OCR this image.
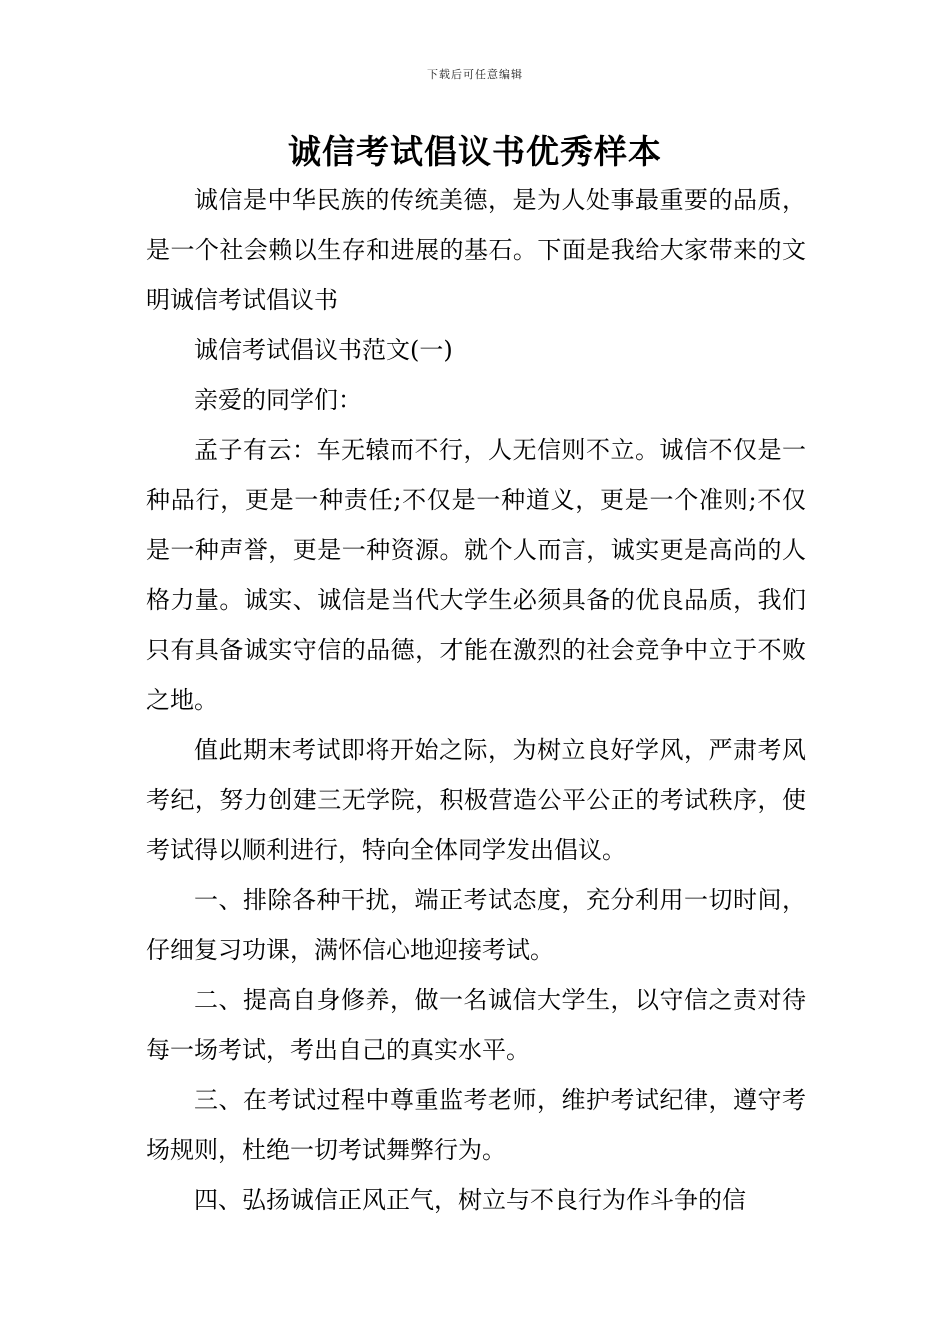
下载后可任意编辑
诚信考试倡议书优秀样本

诚信是中华民族的传统美德，是为人处事最重要的品质，是一个社会赖以生存和进展的基石。下面是我给大家带来的文明诚信考试倡议书

诚信考试倡议书范文(一)

亲爱的同学们：

孟子有云：车无辕而不行，人无信则不立。诚信不仅是一种品行，更是一种责任;不仅是一种道义，更是一个准则;不仅是一种声誉，更是一种资源。就个人而言，诚实更是高尚的人格力量。诚实、诚信是当代大学生必须具备的优良品质，我们只有具备诚实守信的品德，才能在激烈的社会竞争中立于不败之地。

值此期末考试即将开始之际，为树立良好学风，严肃考风考纪，努力创建三无学院，积极营造公平公正的考试秩序，使考试得以顺利进行，特向全体同学发出倡议。

一、排除各种干扰，端正考试态度，充分利用一切时间，仔细复习功课，满怀信心地迎接考试。

二、提高自身修养，做一名诚信大学生，以守信之责对待每一场考试，考出自己的真实水平。

三、在考试过程中尊重监考老师，维护考试纪律，遵守考场规则，杜绝一切考试舞弊行为。

四、弘扬诚信正风正气，树立与不良行为作斗争的信
